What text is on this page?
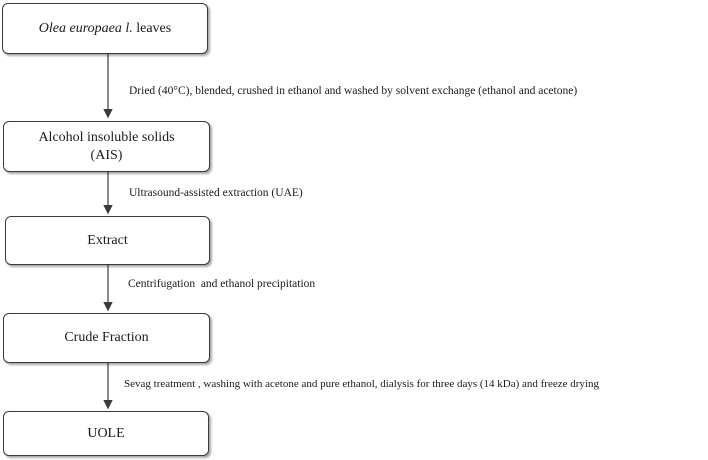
Olea europaea l. leaves
Alcohol insoluble solids
(AIS)
Extract
Crude Fraction
UOLE
Dried (40°C), blended, crushed in ethanol and washed by solvent exchange (ethanol and acetone)
Ultrasound-assisted extraction (UAE)
Centrifugation  and ethanol precipitation
Sevag treatment , washing with acetone and pure ethanol, dialysis for three days (14 kDa) and freeze drying
